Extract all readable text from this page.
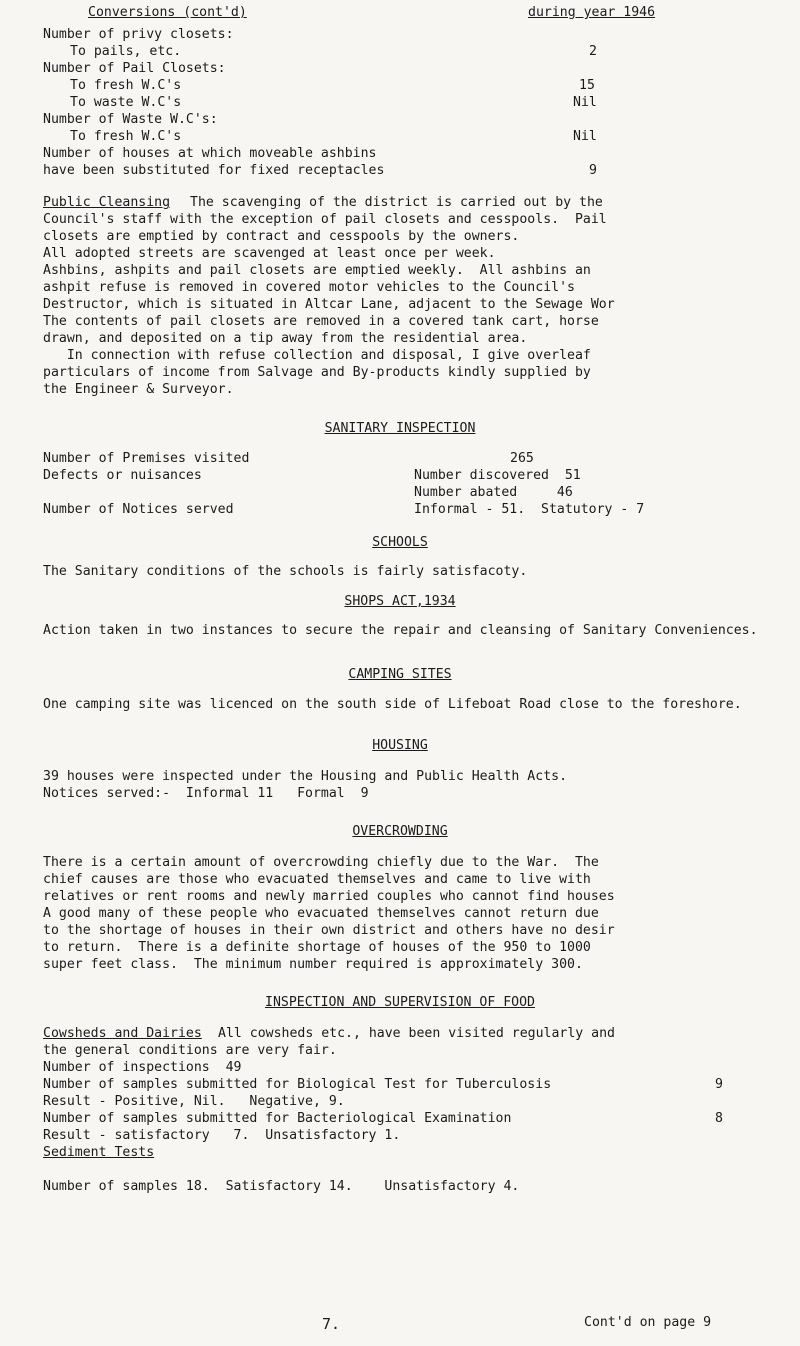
Conversions (cont'd)	during year 1946
Number of privy closets:
To pails, etc.	2
Number of Pail Closets:
To fresh W.C's	15
To waste W.C's	Nil
Number of Waste W.C's:
To fresh W.C's	Nil
Number of houses at which moveable ashbins
have been substituted for fixed receptacles	9
Public Cleansing The scavenging of the district is carried out by the
Council's staff with the exception of pail closets and cesspools.  Pail
closets are emptied by contract and cesspools by the owners.
All adopted streets are scavenged at least once per week.
Ashbins, ashpits and pail closets are emptied weekly.  All ashbins an
ashpit refuse is removed in covered motor vehicles to the Council's
Destructor, which is situated in Altcar Lane, adjacent to the Sewage Wor
The contents of pail closets are removed in a covered tank cart, horse
drawn, and deposited on a tip away from the residential area.
In connection with refuse collection and disposal, I give overleaf
particulars of income from Salvage and By-products kindly supplied by
the Engineer & Surveyor.
SANITARY INSPECTION
Number of Premises visited	265
Defects or nuisances	Number discovered  51
Number abated     46
Number of Notices served	Informal - 51.  Statutory - 7
SCHOOLS
The Sanitary conditions of the schools is fairly satisfacoty.
SHOPS ACT,1934
Action taken in two instances to secure the repair and cleansing of Sanitary Conveniences.
CAMPING SITES
One camping site was licenced on the south side of Lifeboat Road close to the foreshore.
HOUSING
39 houses were inspected under the Housing and Public Health Acts.
Notices served:-  Informal 11   Formal  9
OVERCROWDING
There is a certain amount of overcrowding chiefly due to the War.  The
chief causes are those who evacuated themselves and came to live with
relatives or rent rooms and newly married couples who cannot find houses
A good many of these people who evacuated themselves cannot return due
to the shortage of houses in their own district and others have no desir
to return.  There is a definite shortage of houses of the 950 to 1000
super feet class.  The minimum number required is approximately 300.
INSPECTION AND SUPERVISION OF FOOD
Cowsheds and Dairies All cowsheds etc., have been visited regularly and
the general conditions are very fair.
Number of inspections  49
Number of samples submitted for Biological Test for Tuberculosis	9
Result - Positive, Nil.   Negative, 9.
Number of samples submitted for Bacteriological Examination	8
Result - satisfactory   7.  Unsatisfactory 1.
Sediment Tests
Number of samples 18.  Satisfactory 14.    Unsatisfactory 4.
7.	Cont'd on page 9
